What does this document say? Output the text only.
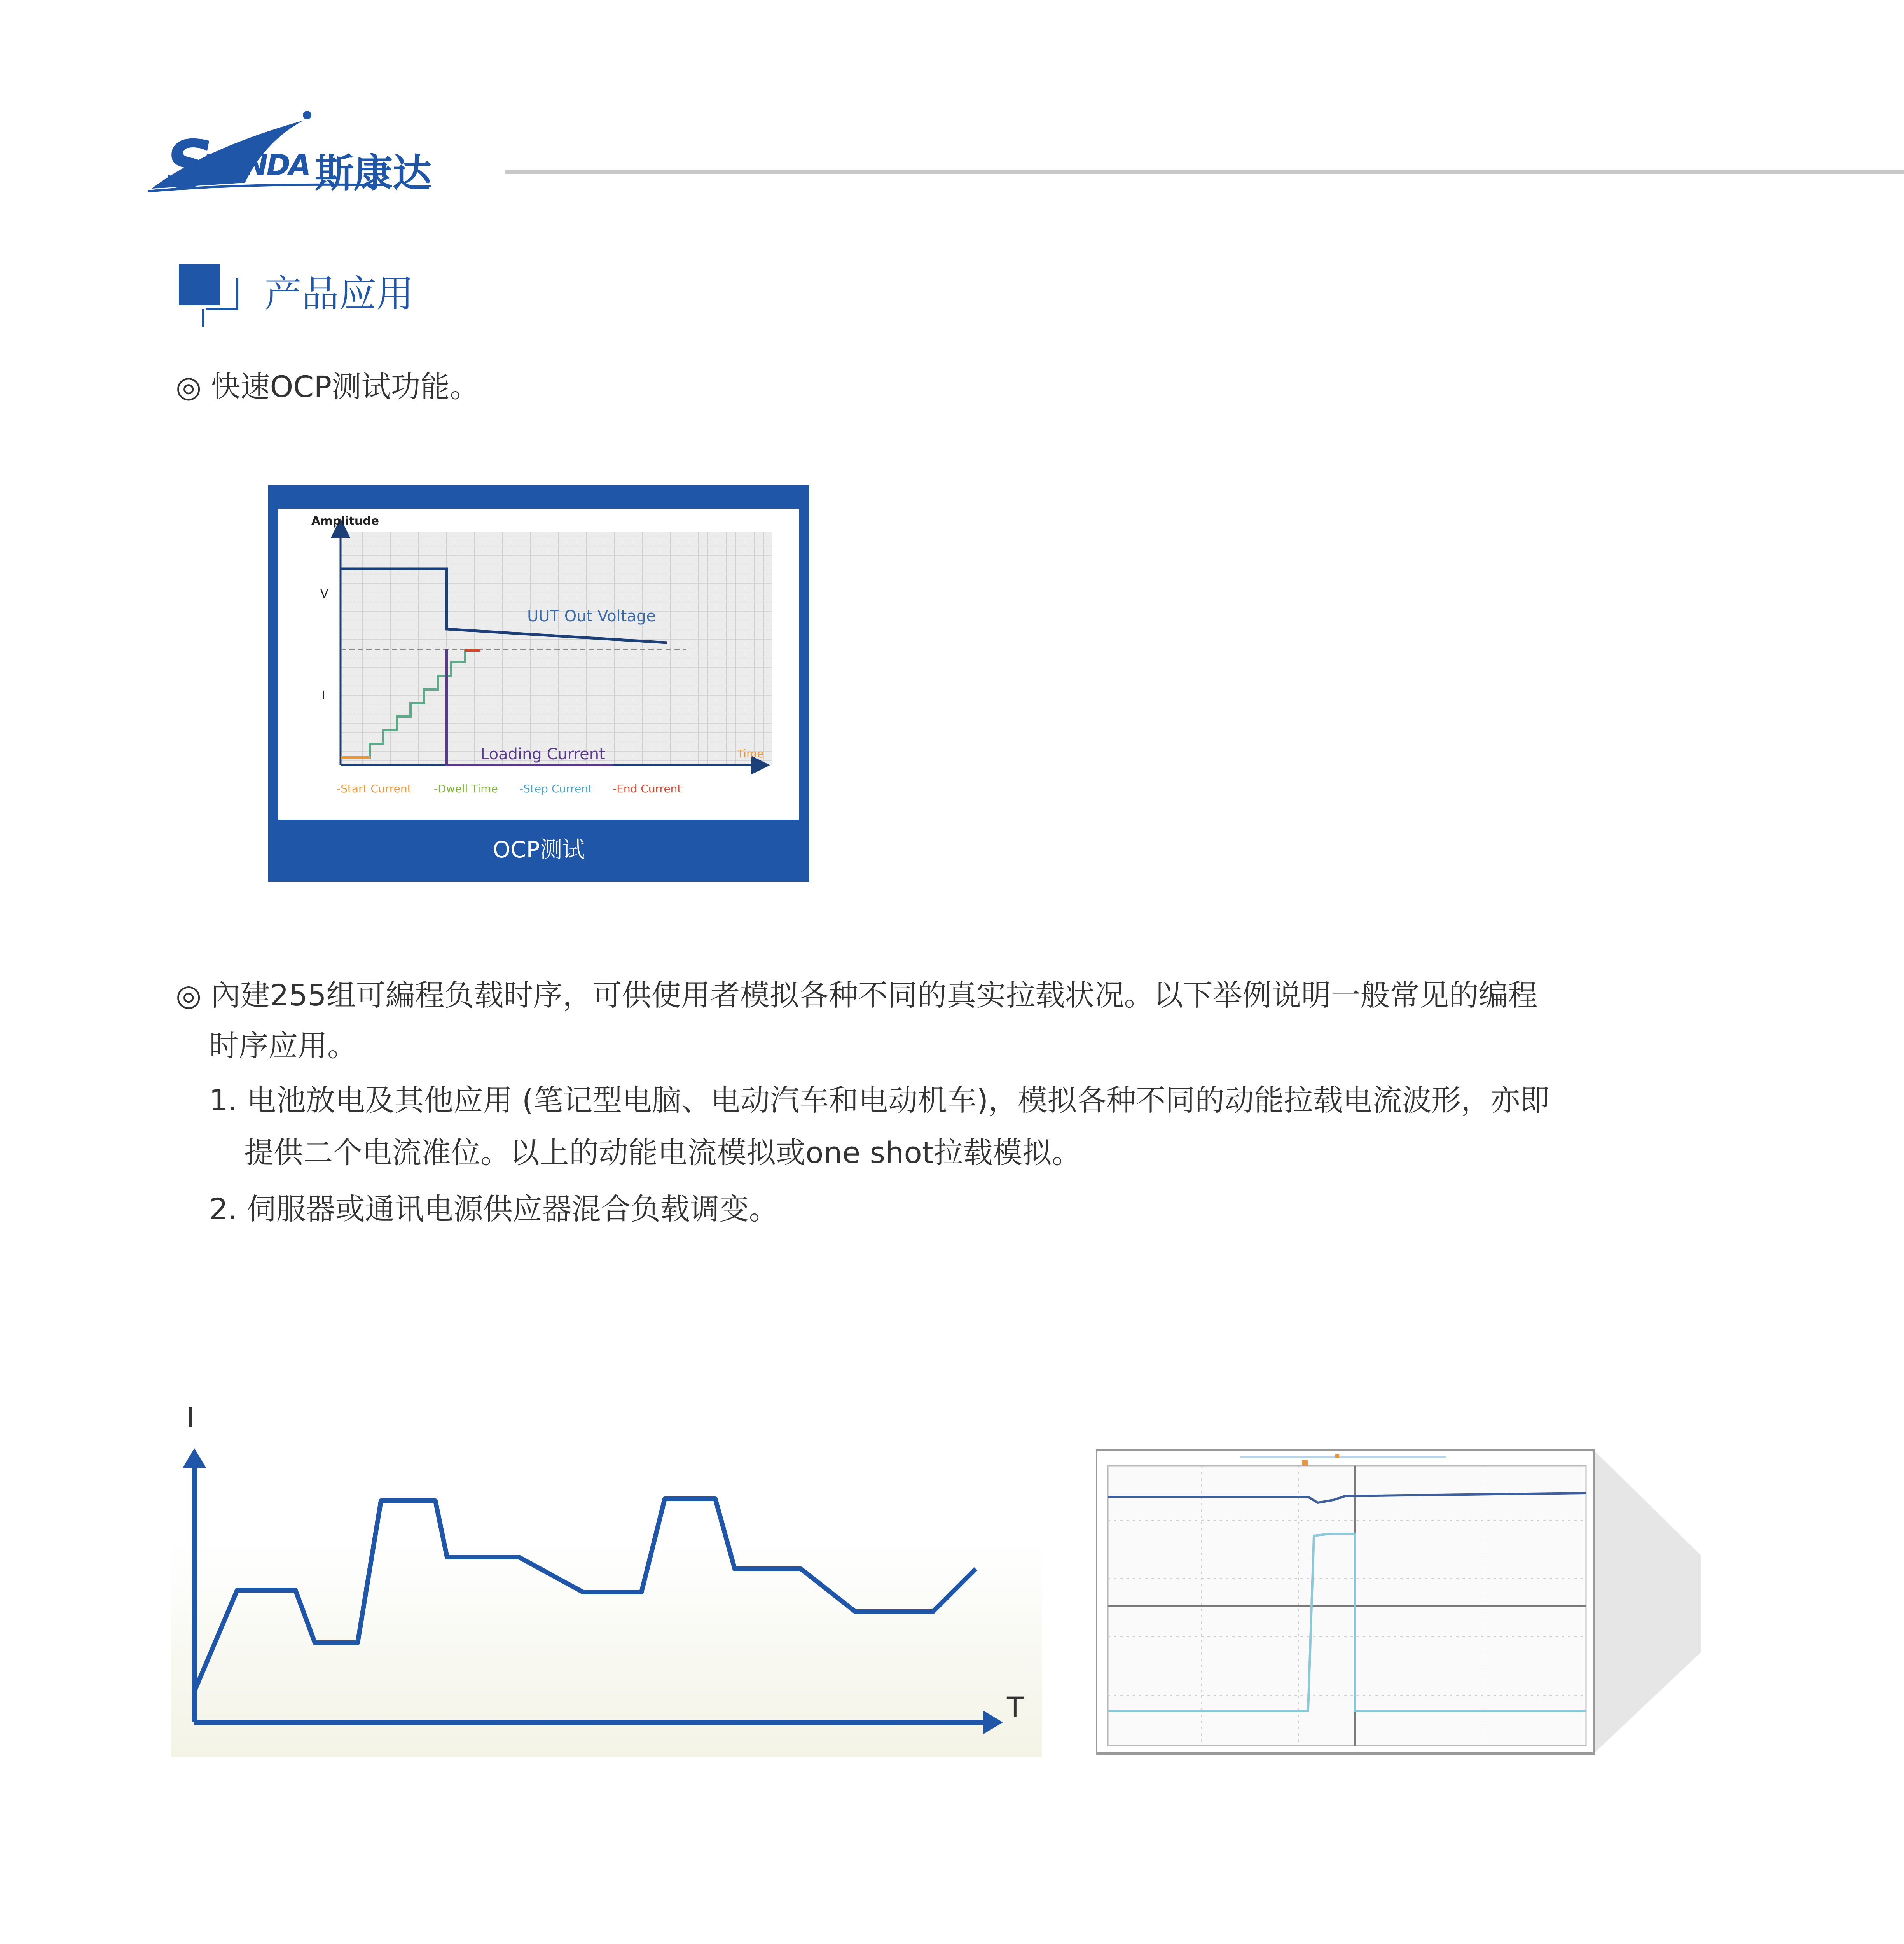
S
KONDA 斯康达
产品应用
◎ 快速OCP测试功能。
Amplitude
V
I
UUT Out Voltage
Loading Current	Time
-Start Current -Dwell Time -Step Current -End Current
OCP测试
◎ 內建255组可編程负载时序，可供使用者模拟各种不同的真实拉载状况。以下举例说明一般常见的编程
时序应用。
1. 电池放电及其他应用 (笔记型电脑、电动汽车和电动机车)，模拟各种不同的动能拉载电流波形，亦即
提供二个电流准位。以上的动能电流模拟或one shot拉载模拟。
2. 伺服器或通讯电源供应器混合负载调变。
I
T
